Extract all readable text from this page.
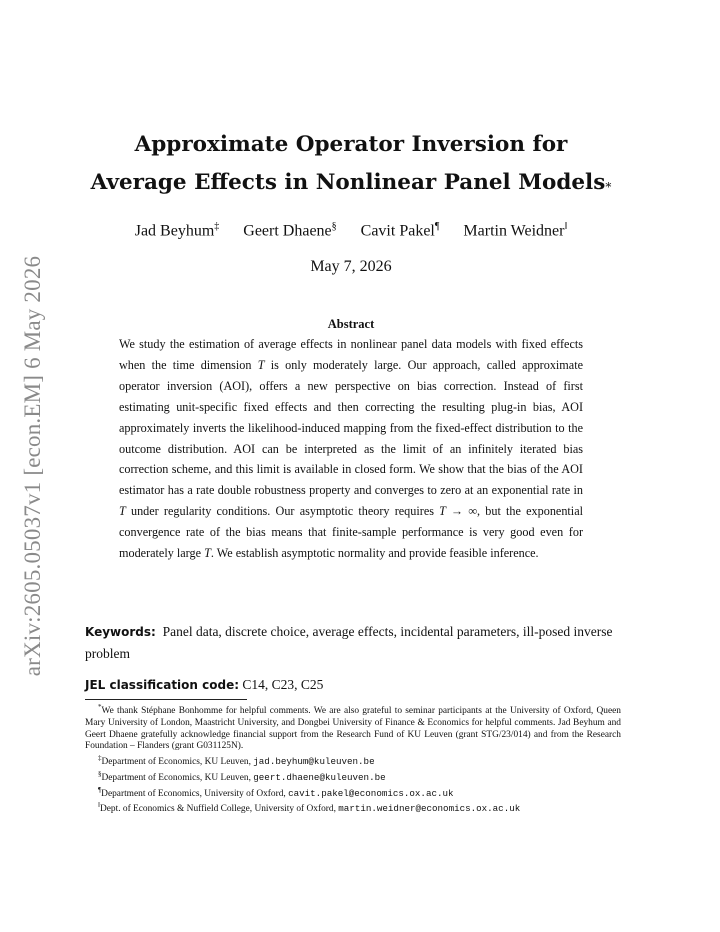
arXiv:2605.05037v1 [econ.EM] 6 May 2026
Approximate Operator Inversion for
Average Effects in Nonlinear Panel Models*
Jad Beyhum‡ Geert Dhaene§ Cavit Pakel¶ Martin Weidner‖
May 7, 2026
Abstract
We study the estimation of average effects in nonlinear panel data models with fixed effects when the time dimension T is only moderately large. Our approach, called approximate operator inversion (AOI), offers a new perspective on bias correction. Instead of first estimating unit-specific fixed effects and then correcting the resulting plug-in bias, AOI approximately inverts the likelihood-induced mapping from the fixed-effect distribution to the outcome distribution. AOI can be interpreted as the limit of an infinitely iterated bias correction scheme, and this limit is available in closed form. We show that the bias of the AOI estimator has a rate double robustness property and converges to zero at an exponential rate in T under regularity conditions. Our asymptotic theory requires T → ∞, but the exponential convergence rate of the bias means that finite-sample performance is very good even for moderately large T. We establish asymptotic normality and provide feasible inference.
Keywords: Panel data, discrete choice, average effects, incidental parameters, ill-posed inverse problem
JEL classification code: C14, C23, C25
*We thank Stéphane Bonhomme for helpful comments. We are also grateful to seminar participants at the University of Oxford, Queen Mary University of London, Maastricht University, and Dongbei University of Finance & Economics for helpful comments. Jad Beyhum and Geert Dhaene gratefully acknowledge financial support from the Research Fund of KU Leuven (grant STG/23/014) and from the Research Foundation – Flanders (grant G031125N).
‡Department of Economics, KU Leuven, jad.beyhum@kuleuven.be
§Department of Economics, KU Leuven, geert.dhaene@kuleuven.be
¶Department of Economics, University of Oxford, cavit.pakel@economics.ox.ac.uk
‖Dept. of Economics & Nuffield College, University of Oxford, martin.weidner@economics.ox.ac.uk
